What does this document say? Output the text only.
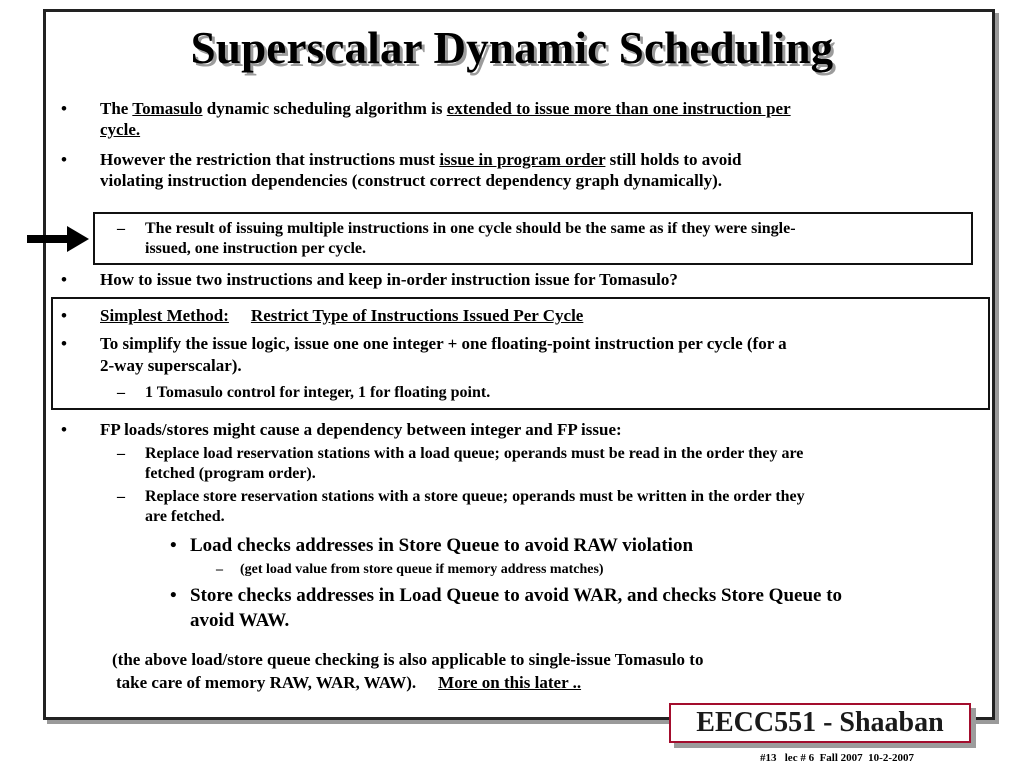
Superscalar Dynamic Scheduling
• The Tomasulo dynamic scheduling algorithm is extended to issue more than one instruction per
cycle.
• However the restriction that instructions must issue in program order still holds to avoid
violating instruction dependencies (construct correct dependency graph dynamically).
– The result of issuing multiple instructions in one cycle should be the same as if they were single-
issued, one instruction per cycle.
• How to issue two instructions and keep in-order instruction issue for Tomasulo?
• Simplest Method: Restrict Type of Instructions Issued Per Cycle
• To simplify the issue logic, issue one one integer + one floating-point instruction per cycle (for a
2-way superscalar).
– 1 Tomasulo control for integer, 1 for floating point.
• FP loads/stores might cause a dependency between integer and FP issue:
– Replace load reservation stations with a load queue; operands must be read in the order they are
fetched (program order).
– Replace store reservation stations with a store queue; operands must be written in the order they
are fetched.
• Load checks addresses in Store Queue to avoid RAW violation
– (get load value from store queue if memory address matches)
• Store checks addresses in Load Queue to avoid WAR, and checks Store Queue to
avoid WAW.
(the above load/store queue checking is also applicable to single-issue Tomasulo to
take care of memory RAW, WAR, WAW). More on this later ..
EECC551 - Shaaban
#13   lec # 6  Fall 2007  10-2-2007
